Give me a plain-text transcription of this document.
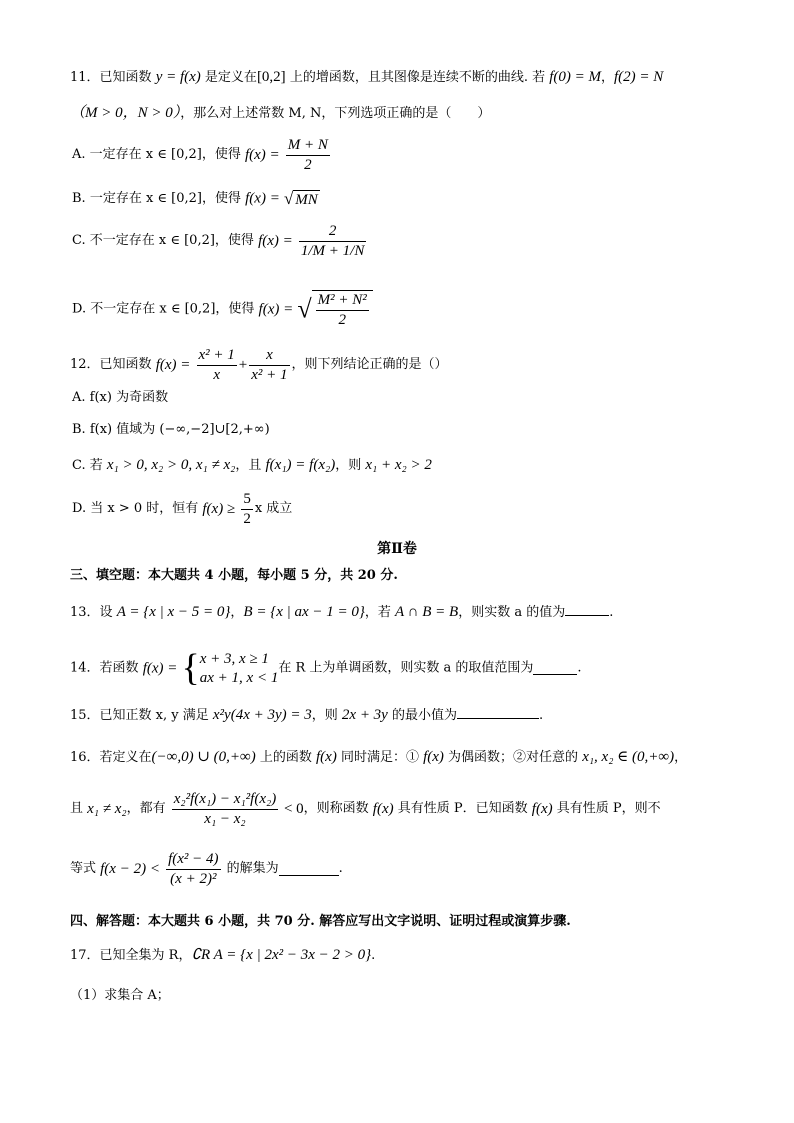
11．已知函数 y = f(x) 是定义在[0,2] 上的增函数，且其图像是连续不断的曲线. 若 f(0) = M，f(2) = N
（M > 0，N > 0），那么对上述常数 M, N，下列选项正确的是（　　）
A. 一定存在 x ∈ [0,2]，使得 $f(x) = \frac{M + N}{2}$
B. 一定存在 x ∈ [0,2]，使得 f(x) = √ MN
C. 不一定存在 x ∈ [0,2]，使得 $f(x) = \frac{2}{1/M + 1/N}$
D. 不一定存在 x ∈ [0,2]，使得 f(x) = √ $\frac{\text{M² + N²}}{2}$
12．已知函数 $f(x) = \frac{\text{x² + 1}}{x} + \frac{x}{\text{x² + 1}}$ ，则下列结论正确的是（）
A. f(x) 为奇函数
B. f(x) 值域为 (−∞,−2]∪[2,+∞)
C. 若 x₁ > 0, x₂ > 0, x₁ ≠ x₂，且 f(x₁) = f(x₂)，则 x₁ + x₂ > 2
D. 当 x > 0 时，恒有 $f(x) \ge \frac{5}{2}$ x 成立
第Ⅱ卷
三、填空题：本大题共 4 小题，每小题 5 分，共 20 分.
13．设 A = {x | x − 5 = 0}，B = {x | ax − 1 = 0}，若 A ∩ B = B，则实数 a 的值为	.
14．若函数 f(x) = { x + 3, x ≥ 1
ax + 1, x < 1
在 R 上为单调函数，则实数 a 的取值范围为	.
15．已知正数 x, y 满足 x²y(4x + 3y) = 3，则 2x + 3y 的最小值为	.
16．若定义在(−∞,0) ∪ (0,+∞) 上的函数 f(x) 同时满足：① f(x) 为偶函数；②对任意的 x₁, x₂ ∈ (0,+∞)，
且 x₁ ≠ x₂，都有 $\frac{\text{x₂²f(x₁) − x₁²f(x₂)}}{\text{x₁ − x₂}} < 0$，则称函数 f(x) 具有性质 P．已知函数 f(x) 具有性质 P，则不
等式 $f(x - 2) < \frac{\text{f(x² − 4)}}{\text{(x + 2)²}}$ 的解集为	.
四、解答题：本大题共 6 小题，共 70 分. 解答应写出文字说明、证明过程或演算步骤.
17．已知全集为 R，∁R A = {x | 2x² − 3x − 2 > 0}.
（1）求集合 A；
